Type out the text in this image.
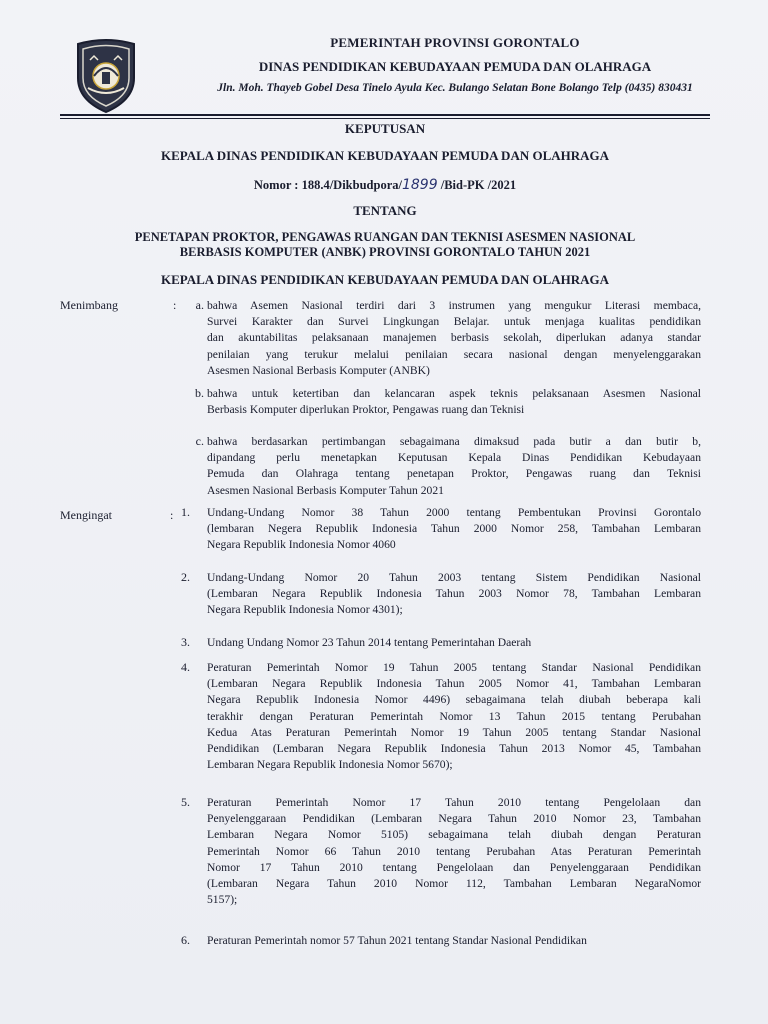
PEMERINTAH PROVINSI GORONTALO
DINAS PENDIDIKAN KEBUDAYAAN PEMUDA DAN OLAHRAGA
Jln. Moh. Thayeb Gobel Desa Tinelo Ayula Kec. Bulango Selatan Bone Bolango Telp (0435) 830431
KEPUTUSAN
KEPALA DINAS PENDIDIKAN KEBUDAYAAN PEMUDA DAN OLAHRAGA
Nomor : 188.4/Dikbudpora/1899 /Bid-PK /2021
TENTANG
PENETAPAN PROKTOR, PENGAWAS RUANGAN DAN TEKNISI ASESMEN NASIONAL
BERBASIS KOMPUTER (ANBK) PROVINSI GORONTALO TAHUN 2021
KEPALA DINAS PENDIDIKAN KEBUDAYAAN PEMUDA DAN OLAHRAGA
Menimbang	:	a. bahwa Asemen Nasional terdiri dari 3 instrumen yang mengukur Literasi membaca,
Survei Karakter dan Survei Lingkungan Belajar. untuk menjaga kualitas pendidikan
dan akuntabilitas pelaksanaan manajemen berbasis sekolah, diperlukan adanya standar
penilaian yang terukur melalui penilaian secara nasional dengan menyelenggarakan
Asesmen Nasional Berbasis Komputer (ANBK)
b. bahwa untuk ketertiban dan kelancaran aspek teknis pelaksanaan Asesmen Nasional
Berbasis Komputer diperlukan Proktor, Pengawas ruang dan Teknisi
c. bahwa berdasarkan pertimbangan sebagaimana dimaksud pada butir a dan butir b,
dipandang perlu menetapkan Keputusan Kepala Dinas Pendidikan Kebudayaan
Pemuda dan Olahraga tentang penetapan Proktor, Pengawas ruang dan Teknisi
Asesmen Nasional Berbasis Komputer Tahun 2021
Mengingat	: 1. Undang-Undang Nomor 38 Tahun 2000 tentang Pembentukan Provinsi Gorontalo
(lembaran Negera Republik Indonesia Tahun 2000 Nomor 258, Tambahan Lembaran
Negara Republik Indonesia Nomor 4060
2. Undang-Undang Nomor 20 Tahun 2003 tentang Sistem Pendidikan Nasional
(Lembaran Negara Republik Indonesia Tahun 2003 Nomor 78, Tambahan Lembaran
Negara Republik Indonesia Nomor 4301);
3. Undang Undang Nomor 23 Tahun 2014 tentang Pemerintahan Daerah
4. Peraturan Pemerintah Nomor 19 Tahun 2005 tentang Standar Nasional Pendidikan
(Lembaran Negara Republik Indonesia Tahun 2005 Nomor 41, Tambahan Lembaran
Negara Republik Indonesia Nomor 4496) sebagaimana telah diubah beberapa kali
terakhir dengan Peraturan Pemerintah Nomor 13 Tahun 2015 tentang Perubahan
Kedua Atas Peraturan Pemerintah Nomor 19 Tahun 2005 tentang Standar Nasional
Pendidikan (Lembaran Negara Republik Indonesia Tahun 2013 Nomor 45, Tambahan
Lembaran Negara Republik Indonesia Nomor 5670);
5. Peraturan Pemerintah Nomor 17 Tahun 2010 tentang Pengelolaan dan
Penyelenggaraan Pendidikan (Lembaran Negara Tahun 2010 Nomor 23, Tambahan
Lembaran Negara Nomor 5105) sebagaimana telah diubah dengan Peraturan
Pemerintah Nomor 66 Tahun 2010 tentang Perubahan Atas Peraturan Pemerintah
Nomor 17 Tahun 2010 tentang Pengelolaan dan Penyelenggaraan Pendidikan
(Lembaran Negara Tahun 2010 Nomor 112, Tambahan Lembaran NegaraNomor
5157);
6. Peraturan Pemerintah nomor 57 Tahun 2021 tentang Standar Nasional Pendidikan
